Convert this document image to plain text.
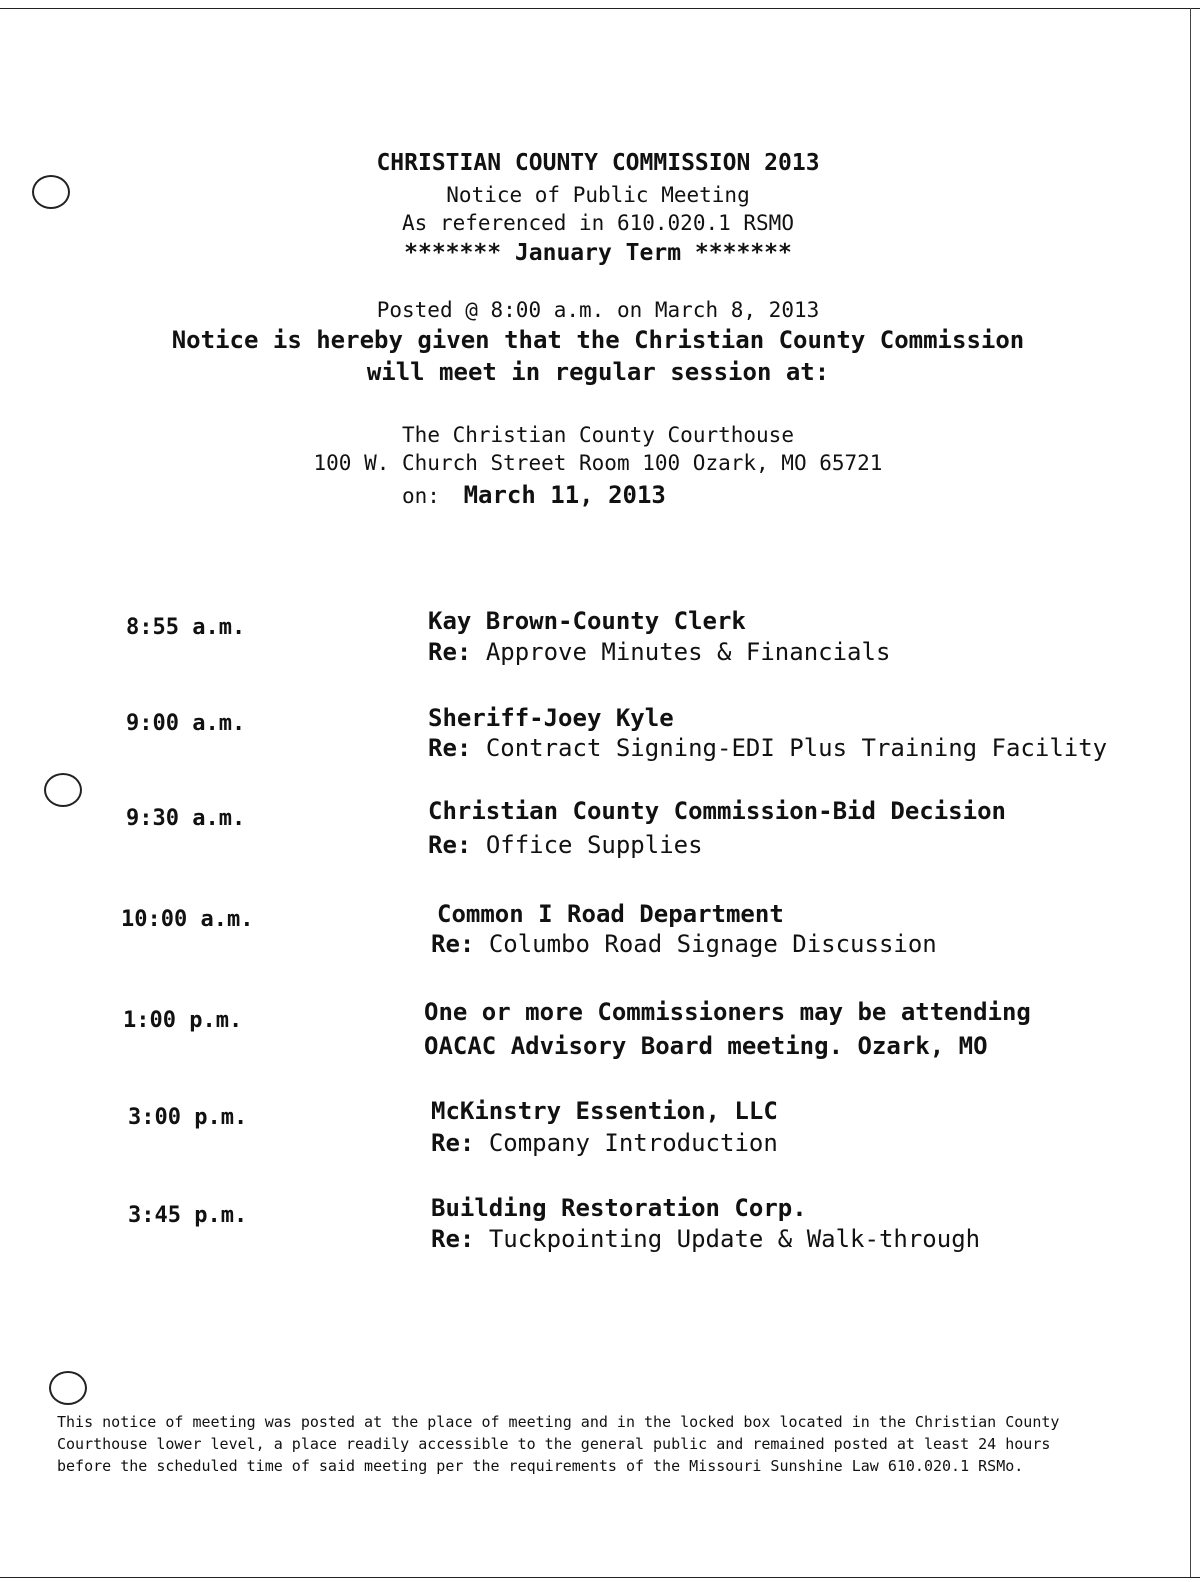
CHRISTIAN COUNTY COMMISSION 2013
Notice of Public Meeting
As referenced in 610.020.1 RSMO
******* January Term *******
Posted @ 8:00 a.m. on March 8, 2013
Notice is hereby given that the Christian County Commission
will meet in regular session at:
The Christian County Courthouse
100 W. Church Street Room 100 Ozark, MO 65721
on: March 11, 2013
8:55 a.m.	Kay Brown-County Clerk
Re: Approve Minutes & Financials
9:00 a.m.	Sheriff-Joey Kyle
Re: Contract Signing-EDI Plus Training Facility
9:30 a.m.	Christian County Commission-Bid Decision
Re: Office Supplies
10:00 a.m.	Common I Road Department
Re: Columbo Road Signage Discussion
1:00 p.m.	One or more Commissioners may be attending
OACAC Advisory Board meeting. Ozark, MO
3:00 p.m.	McKinstry Essention, LLC
Re: Company Introduction
3:45 p.m.	Building Restoration Corp.
Re: Tuckpointing Update & Walk-through
This notice of meeting was posted at the place of meeting and in the locked box located in the Christian County
Courthouse lower level, a place readily accessible to the general public and remained posted at least 24 hours
before the scheduled time of said meeting per the requirements of the Missouri Sunshine Law 610.020.1 RSMo.
